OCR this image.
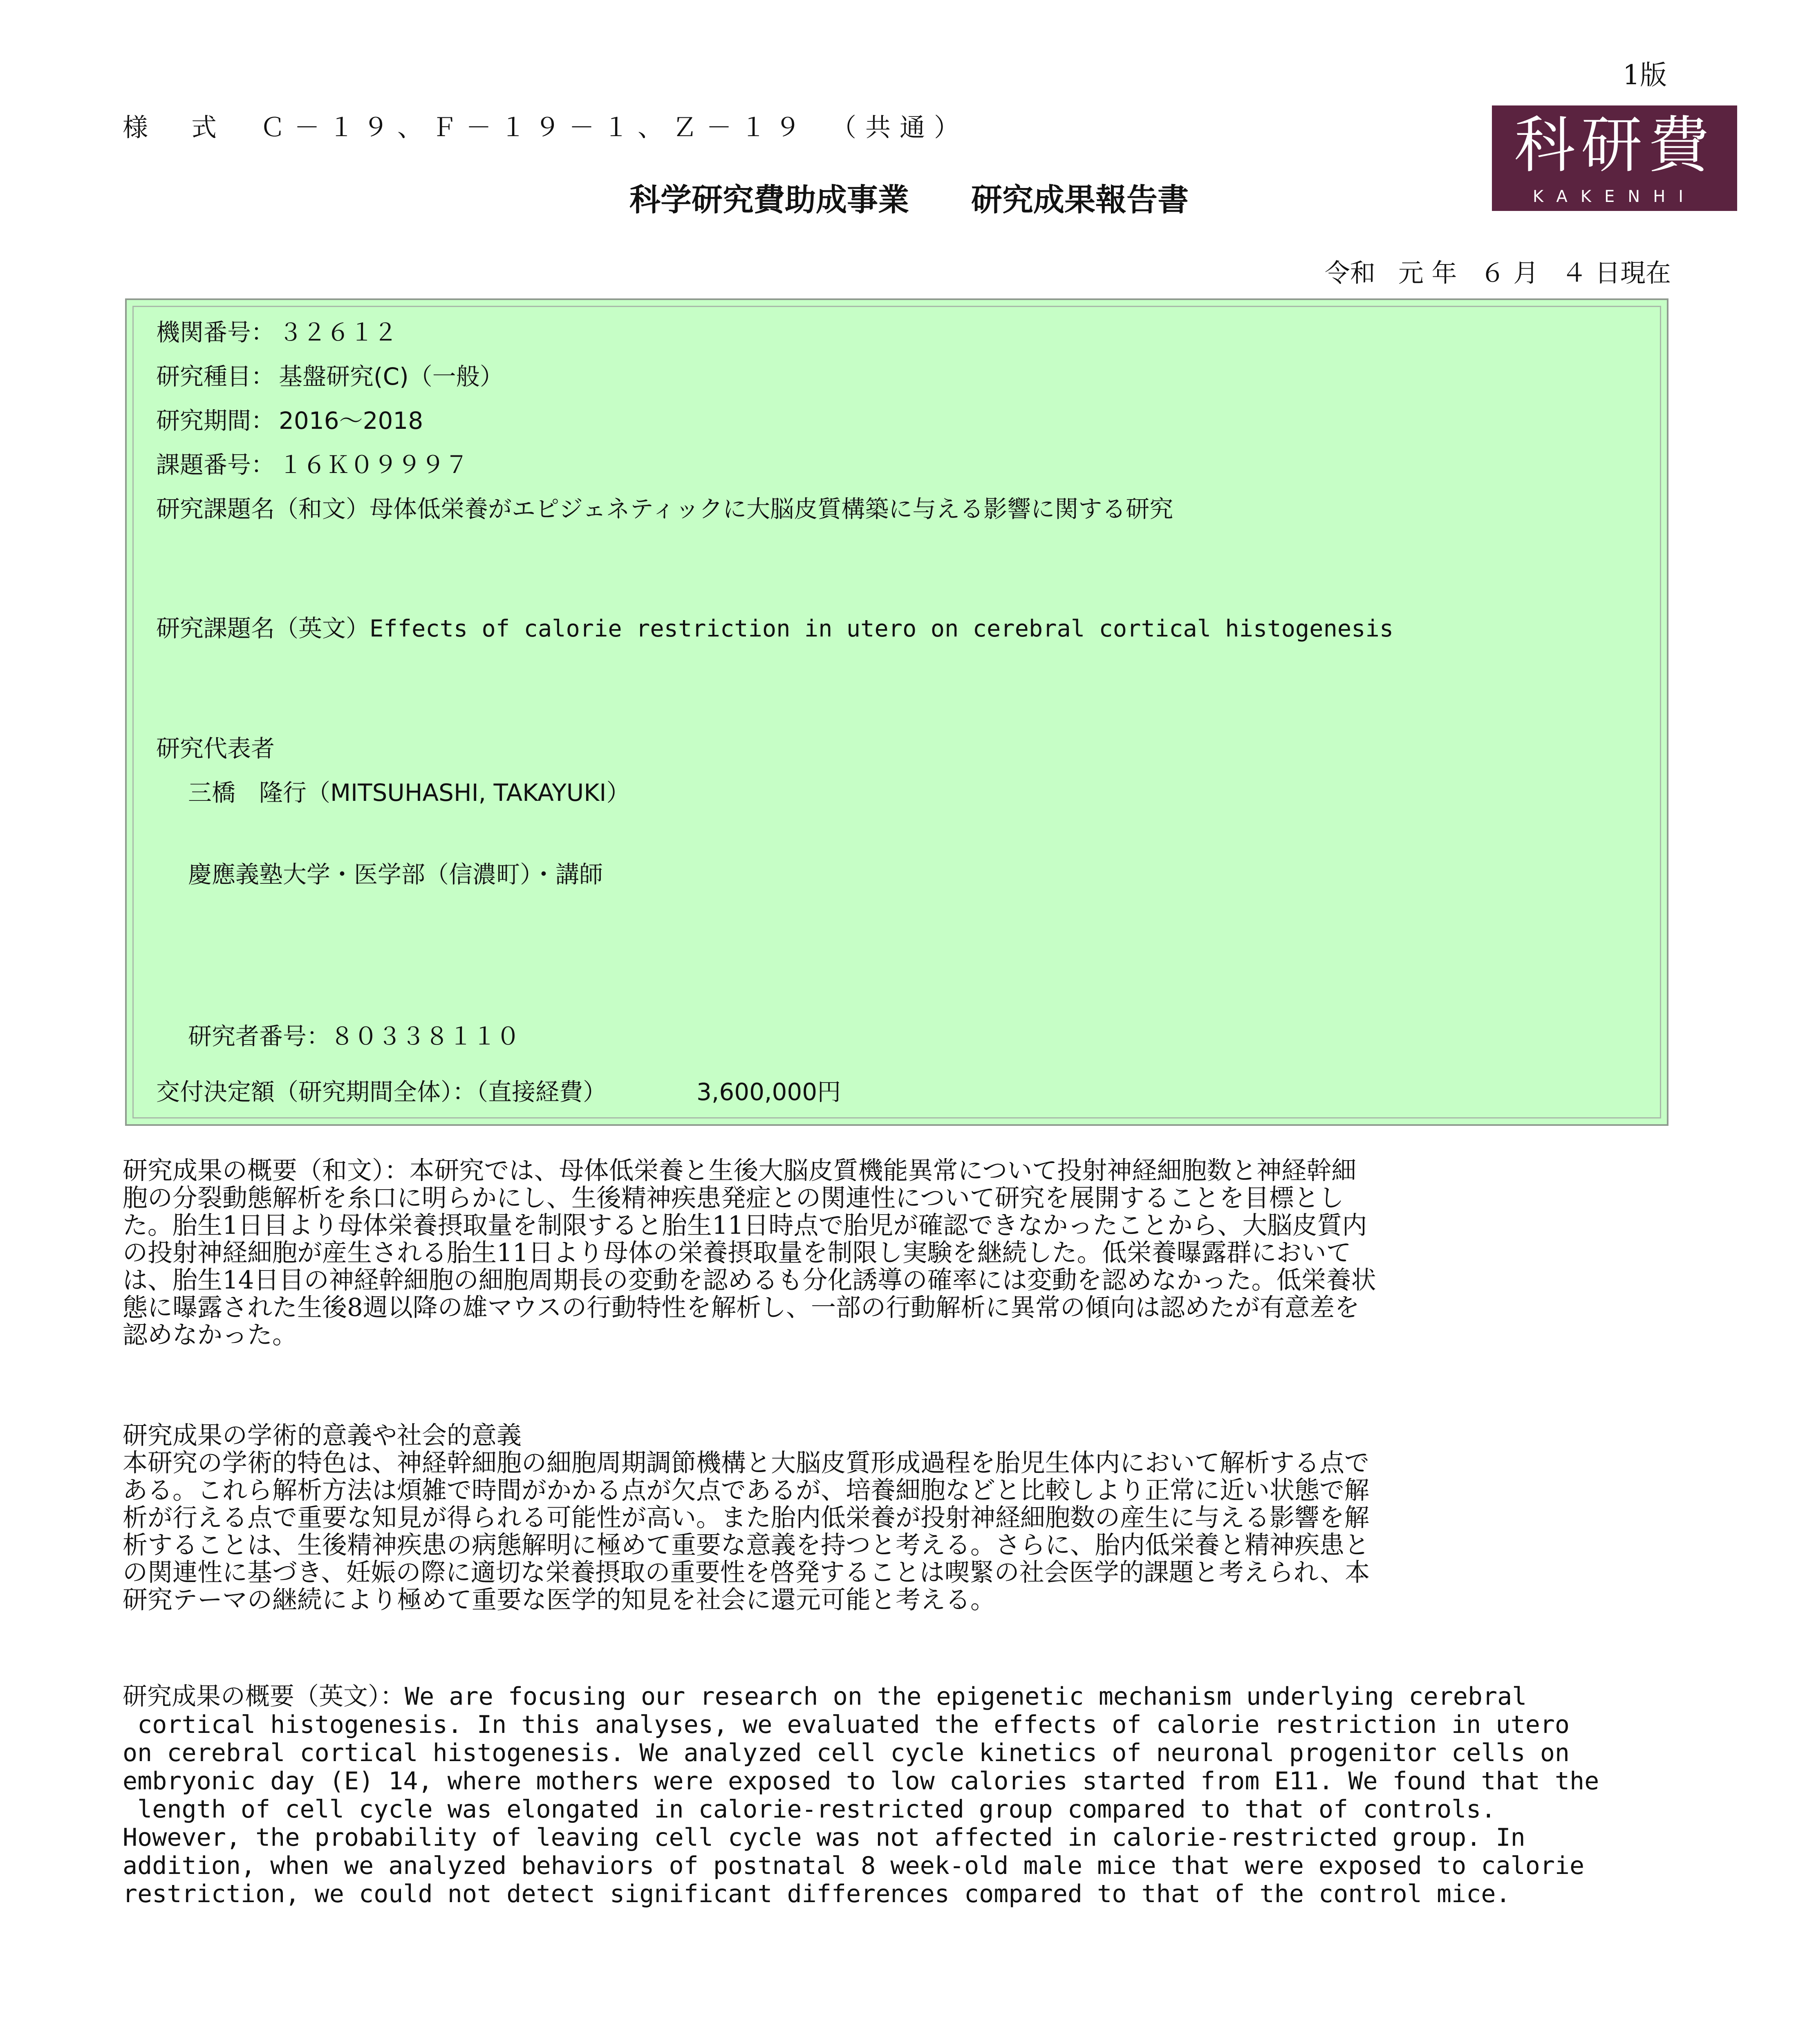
1版
様　式　Ｃ－１９、Ｆ－１９－１、Ｚ－１９　（共通）	科研費
KAKENHI
科学研究費助成事業　　研究成果報告書
令和 元 年 ６ 月 ４ 日現在
機関番号： ３２６１２
研究種目： 基盤研究(C)（一般）
研究期間： 2016～2018
課題番号： １６Ｋ０９９９７
研究課題名（和文）母体低栄養がエピジェネティックに大脳皮質構築に与える影響に関する研究
研究課題名（英文）Effects of calorie restriction in utero on cerebral cortical histogenesis
研究代表者
三橋　隆行（MITSUHASHI, TAKAYUKI）
慶應義塾大学・医学部（信濃町）・講師
研究者番号：８０３３８１１０
交付決定額（研究期間全体）：（直接経費）	3,600,000円
研究成果の概要（和文）：本研究では、母体低栄養と生後大脳皮質機能異常について投射神経細胞数と神経幹細
胞の分裂動態解析を糸口に明らかにし、生後精神疾患発症との関連性について研究を展開することを目標とし
た。胎生1日目より母体栄養摂取量を制限すると胎生11日時点で胎児が確認できなかったことから、大脳皮質内
の投射神経細胞が産生される胎生11日より母体の栄養摂取量を制限し実験を継続した。低栄養曝露群において
は、胎生14日目の神経幹細胞の細胞周期長の変動を認めるも分化誘導の確率には変動を認めなかった。低栄養状
態に曝露された生後8週以降の雄マウスの行動特性を解析し、一部の行動解析に異常の傾向は認めたが有意差を
認めなかった。
研究成果の学術的意義や社会的意義
本研究の学術的特色は、神経幹細胞の細胞周期調節機構と大脳皮質形成過程を胎児生体内において解析する点で
ある。これら解析方法は煩雑で時間がかかる点が欠点であるが、培養細胞などと比較しより正常に近い状態で解
析が行える点で重要な知見が得られる可能性が高い。また胎内低栄養が投射神経細胞数の産生に与える影響を解
析することは、生後精神疾患の病態解明に極めて重要な意義を持つと考える。さらに、胎内低栄養と精神疾患と
の関連性に基づき、妊娠の際に適切な栄養摂取の重要性を啓発することは喫緊の社会医学的課題と考えられ、本
研究テーマの継続により極めて重要な医学的知見を社会に還元可能と考える。
研究成果の概要（英文）：We are focusing our research on the epigenetic mechanism underlying cerebral
cortical histogenesis. In this analyses, we evaluated the effects of calorie restriction in utero
on cerebral cortical histogenesis. We analyzed cell cycle kinetics of neuronal progenitor cells on
embryonic day (E) 14, where mothers were exposed to low calories started from E11. We found that the
length of cell cycle was elongated in calorie-restricted group compared to that of controls.
However, the probability of leaving cell cycle was not affected in calorie-restricted group. In
addition, when we analyzed behaviors of postnatal 8 week-old male mice that were exposed to calorie
restriction, we could not detect significant differences compared to that of the control mice.
